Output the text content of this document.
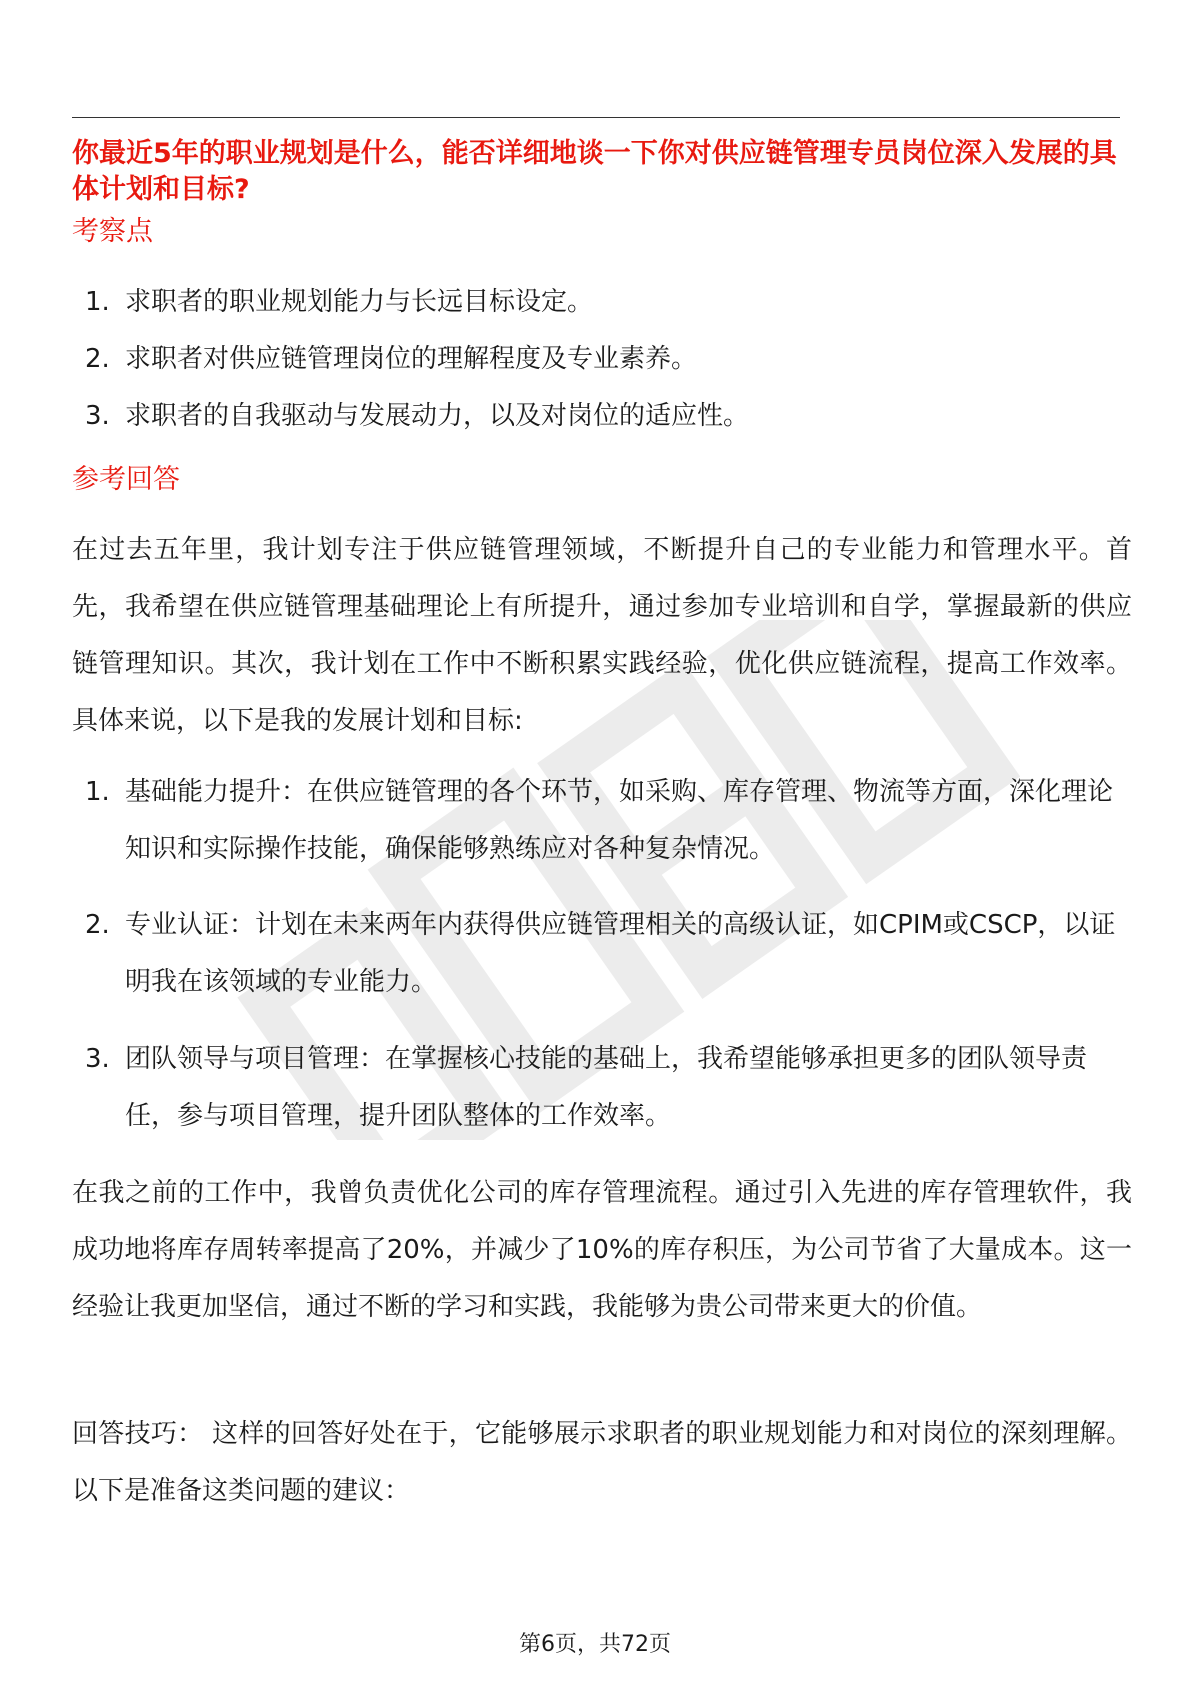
你最近5年的职业规划是什么，能否详细地谈一下你对供应链管理专员岗位深入发展的具体计划和目标?
考察点
1. 求职者的职业规划能力与长远目标设定。
2. 求职者对供应链管理岗位的理解程度及专业素养。
3. 求职者的自我驱动与发展动力，以及对岗位的适应性。
参考回答

在过去五年里，我计划专注于供应链管理领域，不断提升自己的专业能力和管理水平。首先，我希望在供应链管理基础理论上有所提升，通过参加专业培训和自学，掌握最新的供应链管理知识。其次，我计划在工作中不断积累实践经验，优化供应链流程，提高工作效率。具体来说，以下是我的发展计划和目标:

1. 基础能力提升：在供应链管理的各个环节，如采购、库存管理、物流等方面，深化理论知识和实际操作技能，确保能够熟练应对各种复杂情况。
2. 专业认证：计划在未来两年内获得供应链管理相关的高级认证，如CPIM或CSCP，以证明我在该领域的专业能力。
3. 团队领导与项目管理：在掌握核心技能的基础上，我希望能够承担更多的团队领导责任，参与项目管理，提升团队整体的工作效率。

在我之前的工作中，我曾负责优化公司的库存管理流程。通过引入先进的库存管理软件，我成功地将库存周转率提高了20%，并减少了10%的库存积压，为公司节省了大量成本。这一经验让我更加坚信，通过不断的学习和实践，我能够为贵公司带来更大的价值。

回答技巧： 这样的回答好处在于，它能够展示求职者的职业规划能力和对岗位的深刻理解。以下是准备这类问题的建议：

第6页，共72页
